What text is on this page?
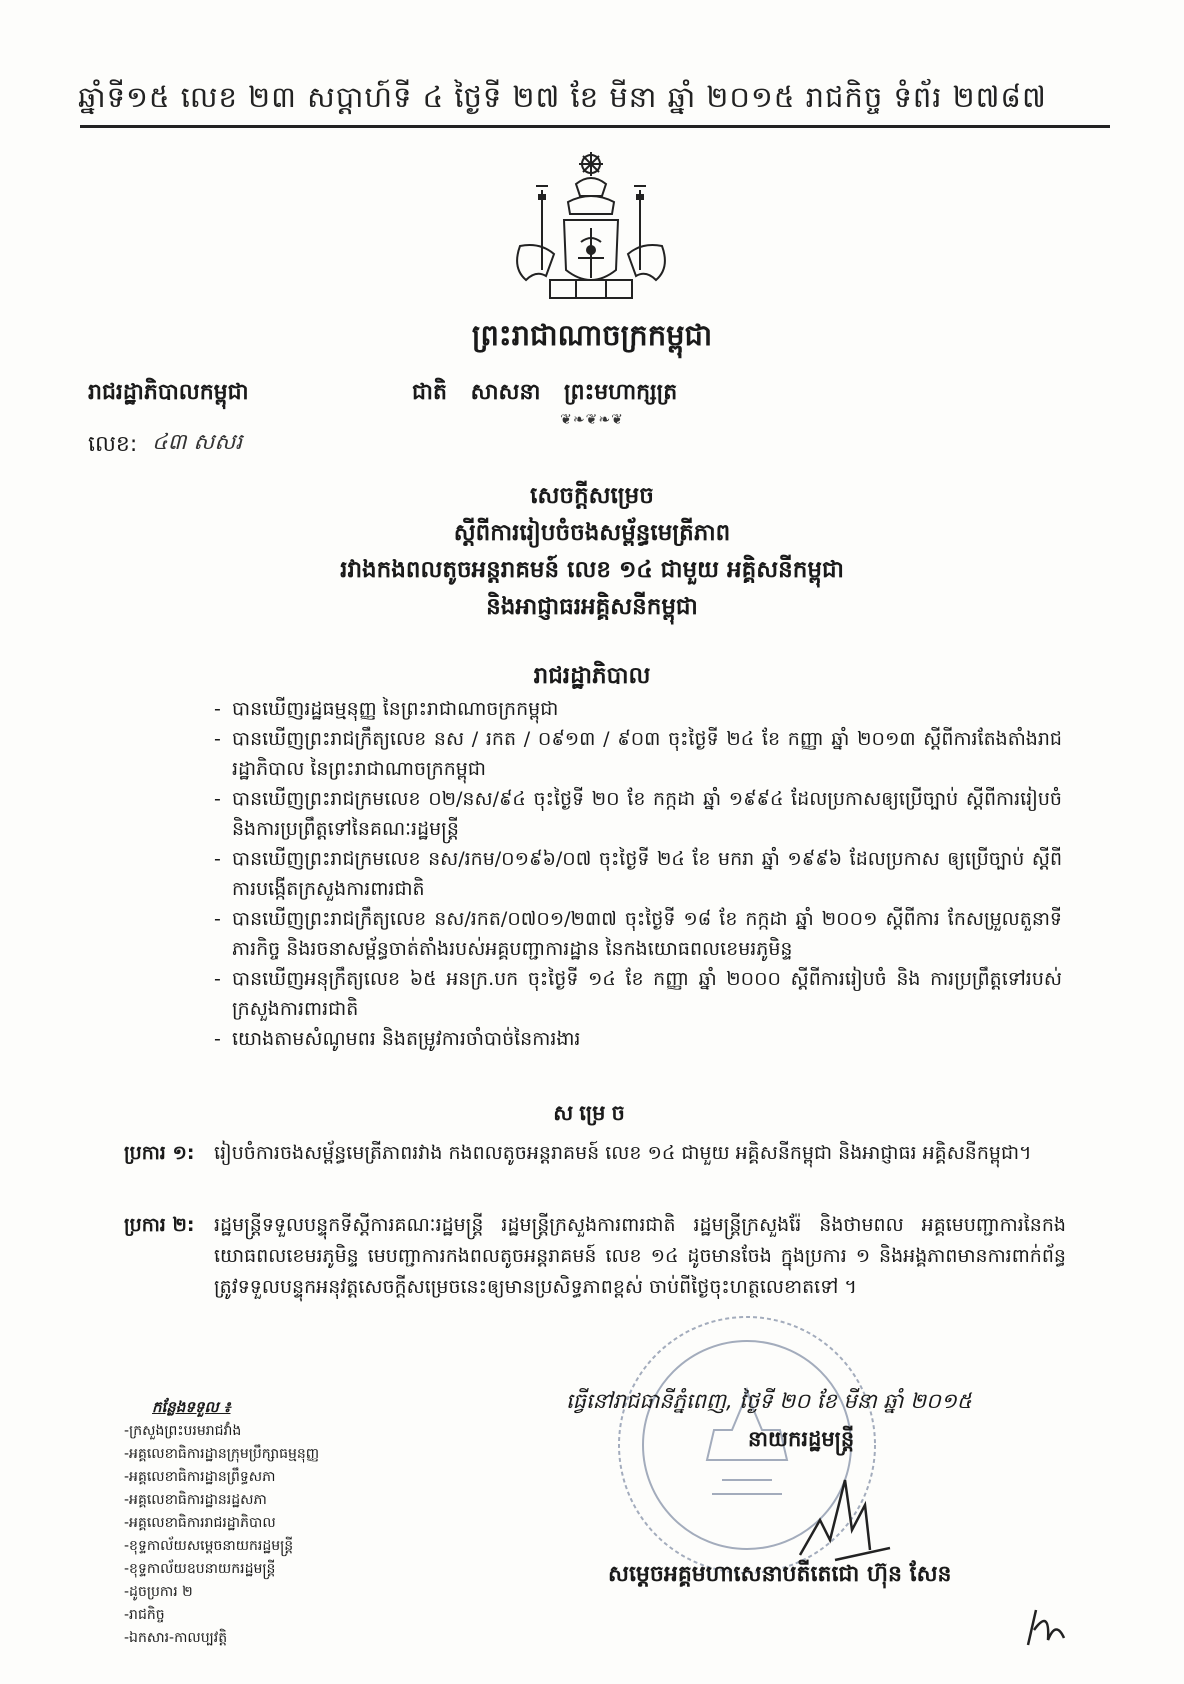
ឆ្នាំទី១៥ លេខ ២៣ សប្តាហ៍ទី ៤ ថ្ងៃទី ២៧ ខែ មីនា ឆ្នាំ ២០១៥ រាជកិច្ច ទំព័រ ២៧៨៧
ព្រះរាជាណាចក្រកម្ពុជា
រាជរដ្ឋាភិបាលកម្ពុជា	ជាតិ សាសនា ព្រះមហាក្សត្រ
❦❧❦❧❦
លេខ: ៤៣ សសរ
សេចក្តីសម្រេច
ស្តីពីការរៀបចំចងសម្ព័ន្ធមេត្រីភាព
រវាងកងពលតូចអន្តរាគមន៍ លេខ ១៤ ជាមួយ អគ្គិសនីកម្ពុជា
និងអាជ្ញាធរអគ្គិសនីកម្ពុជា
រាជរដ្ឋាភិបាល
- បានឃើញរដ្ឋធម្មនុញ្ញ នៃព្រះរាជាណាចក្រកម្ពុជា
- បានឃើញព្រះរាជក្រឹត្យលេខ នស / រកត / ០៩១៣ / ៩០៣ ចុះថ្ងៃទី ២៤ ខែ កញ្ញា ឆ្នាំ ២០១៣ ស្តីពីការតែងតាំងរាជរដ្ឋាភិបាល នៃព្រះរាជាណាចក្រកម្ពុជា
- បានឃើញព្រះរាជក្រមលេខ ០២/នស/៩៤ ចុះថ្ងៃទី ២០ ខែ កក្កដា ឆ្នាំ ១៩៩៤ ដែលប្រកាសឲ្យប្រើច្បាប់ ស្តីពីការរៀបចំនិងការប្រព្រឹត្តទៅនៃគណៈរដ្ឋមន្ត្រី
- បានឃើញព្រះរាជក្រមលេខ នស/រកម/០១៩៦/០៧ ចុះថ្ងៃទី ២៤ ខែ មករា ឆ្នាំ ១៩៩៦ ដែលប្រកាស ឲ្យប្រើច្បាប់ ស្តីពីការបង្កើតក្រសួងការពារជាតិ
- បានឃើញព្រះរាជក្រឹត្យលេខ នស/រកត/០៧០១/២៣៧ ចុះថ្ងៃទី ១៨ ខែ កក្កដា ឆ្នាំ ២០០១ ស្តីពីការ កែសម្រួលតួនាទី ភារកិច្ច និងរចនាសម្ព័ន្ធចាត់តាំងរបស់អគ្គបញ្ជាការដ្ឋាន នៃកងយោធពលខេមរភូមិន្ទ
- បានឃើញអនុក្រឹត្យលេខ ៦៥ អនក្រ.បក ចុះថ្ងៃទី ១៤ ខែ កញ្ញា ឆ្នាំ ២០០០ ស្តីពីការរៀបចំ និង ការប្រព្រឹត្តទៅរបស់ក្រសួងការពារជាតិ
- យោងតាមសំណូមពរ និងតម្រូវការចាំបាច់នៃការងារ
សម្រេច
ប្រការ ១: រៀបចំការចងសម្ព័ន្ធមេត្រីភាពរវាង កងពលតូចអន្តរាគមន៍ លេខ ១៤ ជាមួយ អគ្គិសនីកម្ពុជា និងអាជ្ញាធរ អគ្គិសនីកម្ពុជា។
ប្រការ ២: រដ្ឋមន្ត្រីទទួលបន្ទុកទីស្តីការគណៈរដ្ឋមន្ត្រី រដ្ឋមន្ត្រីក្រសួងការពារជាតិ រដ្ឋមន្ត្រីក្រសួងរ៉ែ និងថាមពល អគ្គមេបញ្ជាការនៃកងយោធពលខេមរភូមិន្ទ មេបញ្ជាការកងពលតូចអន្តរាគមន៍ លេខ ១៤ ដូចមានចែង ក្នុងប្រការ ១ និងអង្គភាពមានការពាក់ព័ន្ធ ត្រូវទទួលបន្ទុកអនុវត្តសេចក្តីសម្រេចនេះឲ្យមានប្រសិទ្ធភាពខ្ពស់ ចាប់ពីថ្ងៃចុះហត្ថលេខាតទៅ ។
ធ្វើនៅរាជធានីភ្នំពេញ, ថ្ងៃទី ២០ ខែ មីនា ឆ្នាំ ២០១៥
នាយករដ្ឋមន្ត្រី
សម្តេចអគ្គមហាសេនាបតីតេជោ ហ៊ុន សែន
កន្លែងទទួល ៖
-ក្រសួងព្រះបរមរាជវាំង
-អគ្គលេខាធិការដ្ឋានក្រុមប្រឹក្សាធម្មនុញ្ញ
-អគ្គលេខាធិការដ្ឋានព្រឹទ្ធសភា
-អគ្គលេខាធិការដ្ឋានរដ្ឋសភា
-អគ្គលេខាធិការរាជរដ្ឋាភិបាល
-ខុទ្ទកាល័យសម្តេចនាយករដ្ឋមន្ត្រី
-ខុទ្ទកាល័យឧបនាយករដ្ឋមន្ត្រី
-ដូចប្រការ ២
-រាជកិច្ច
-ឯកសារ-កាលប្បវត្តិ
